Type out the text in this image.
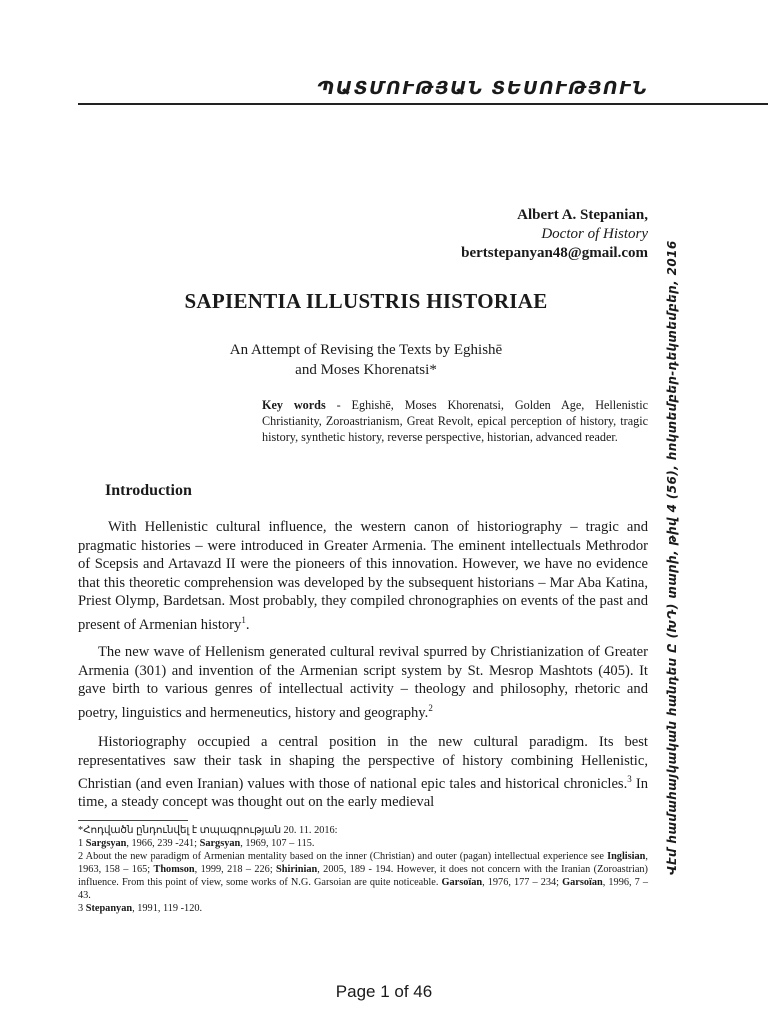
ՊԱՏՄՈՒԹՅԱՆ ՏԵՍՈՒԹՅՈՒՆ
Albert A. Stepanian,
Doctor of History
bertstepanyan48@gmail.com
SAPIENTIA ILLUSTRIS HISTORIAE
An Attempt of Revising the Texts by Eghishē
and Moses Khorenatsi*
Key words - Eghishē, Moses Khorenatsi, Golden Age, Hellenistic Christianity, Zoroastrianism, Great Revolt, epical perception of history, tragic history, synthetic history, reverse perspective, historian, advanced reader.
Introduction
With Hellenistic cultural influence, the western canon of historiography – tragic and pragmatic histories – were introduced in Greater Armenia. The eminent intellectuals Methrodor of Scepsis and Artavazd II were the pioneers of this innovation. However, we have no evidence that this theoretic comprehension was developed by the subsequent historians – Mar Aba Katina, Priest Olymp, Bardetsan. Most probably, they compiled chronographies on events of the past and present of Armenian history$^1$.
The new wave of Hellenism generated cultural revival spurred by Christianization of Greater Armenia (301) and invention of the Armenian script system by St. Mesrop Mashtots (405). It gave birth to various genres of intellectual activity – theology and philosophy, rhetoric and poetry, linguistics and hermeneutics, history and geography.$^2$
Historiography occupied a central position in the new cultural paradigm. Its best representatives saw their task in shaping the perspective of history combining Hellenistic, Christian (and even Iranian) values with those of national epic tales and historical chronicles.$^3$ In time, a steady concept was thought out on the early medieval
*Հոդվածն ընդունվել է տպագրության 20. 11. 2016:
1 Sargsyan, 1966, 239 -241; Sargsyan, 1969, 107 – 115.
2 About the new paradigm of Armenian mentality based on the inner (Christian) and outer (pagan) intellectual experience see Inglisian, 1963, 158 – 165; Thomson, 1999, 218 – 226; Shirinian, 2005, 189 - 194. However, it does not concern with the Iranian (Zoroastrian) influence. From this point of view, some works of N.G. Garsoian are quite noticeable. Garsoïan, 1976, 177 – 234; Garsoïan, 1996, 7 – 43.
3 Stepanyan, 1991, 119 -120.
Վէմ համահայկական հանդես Ը (ԽԴ) տարի, թիվ 4 (56), հոկտեմբեր-դեկտեմբեր, 2016
Page 1 of 46
